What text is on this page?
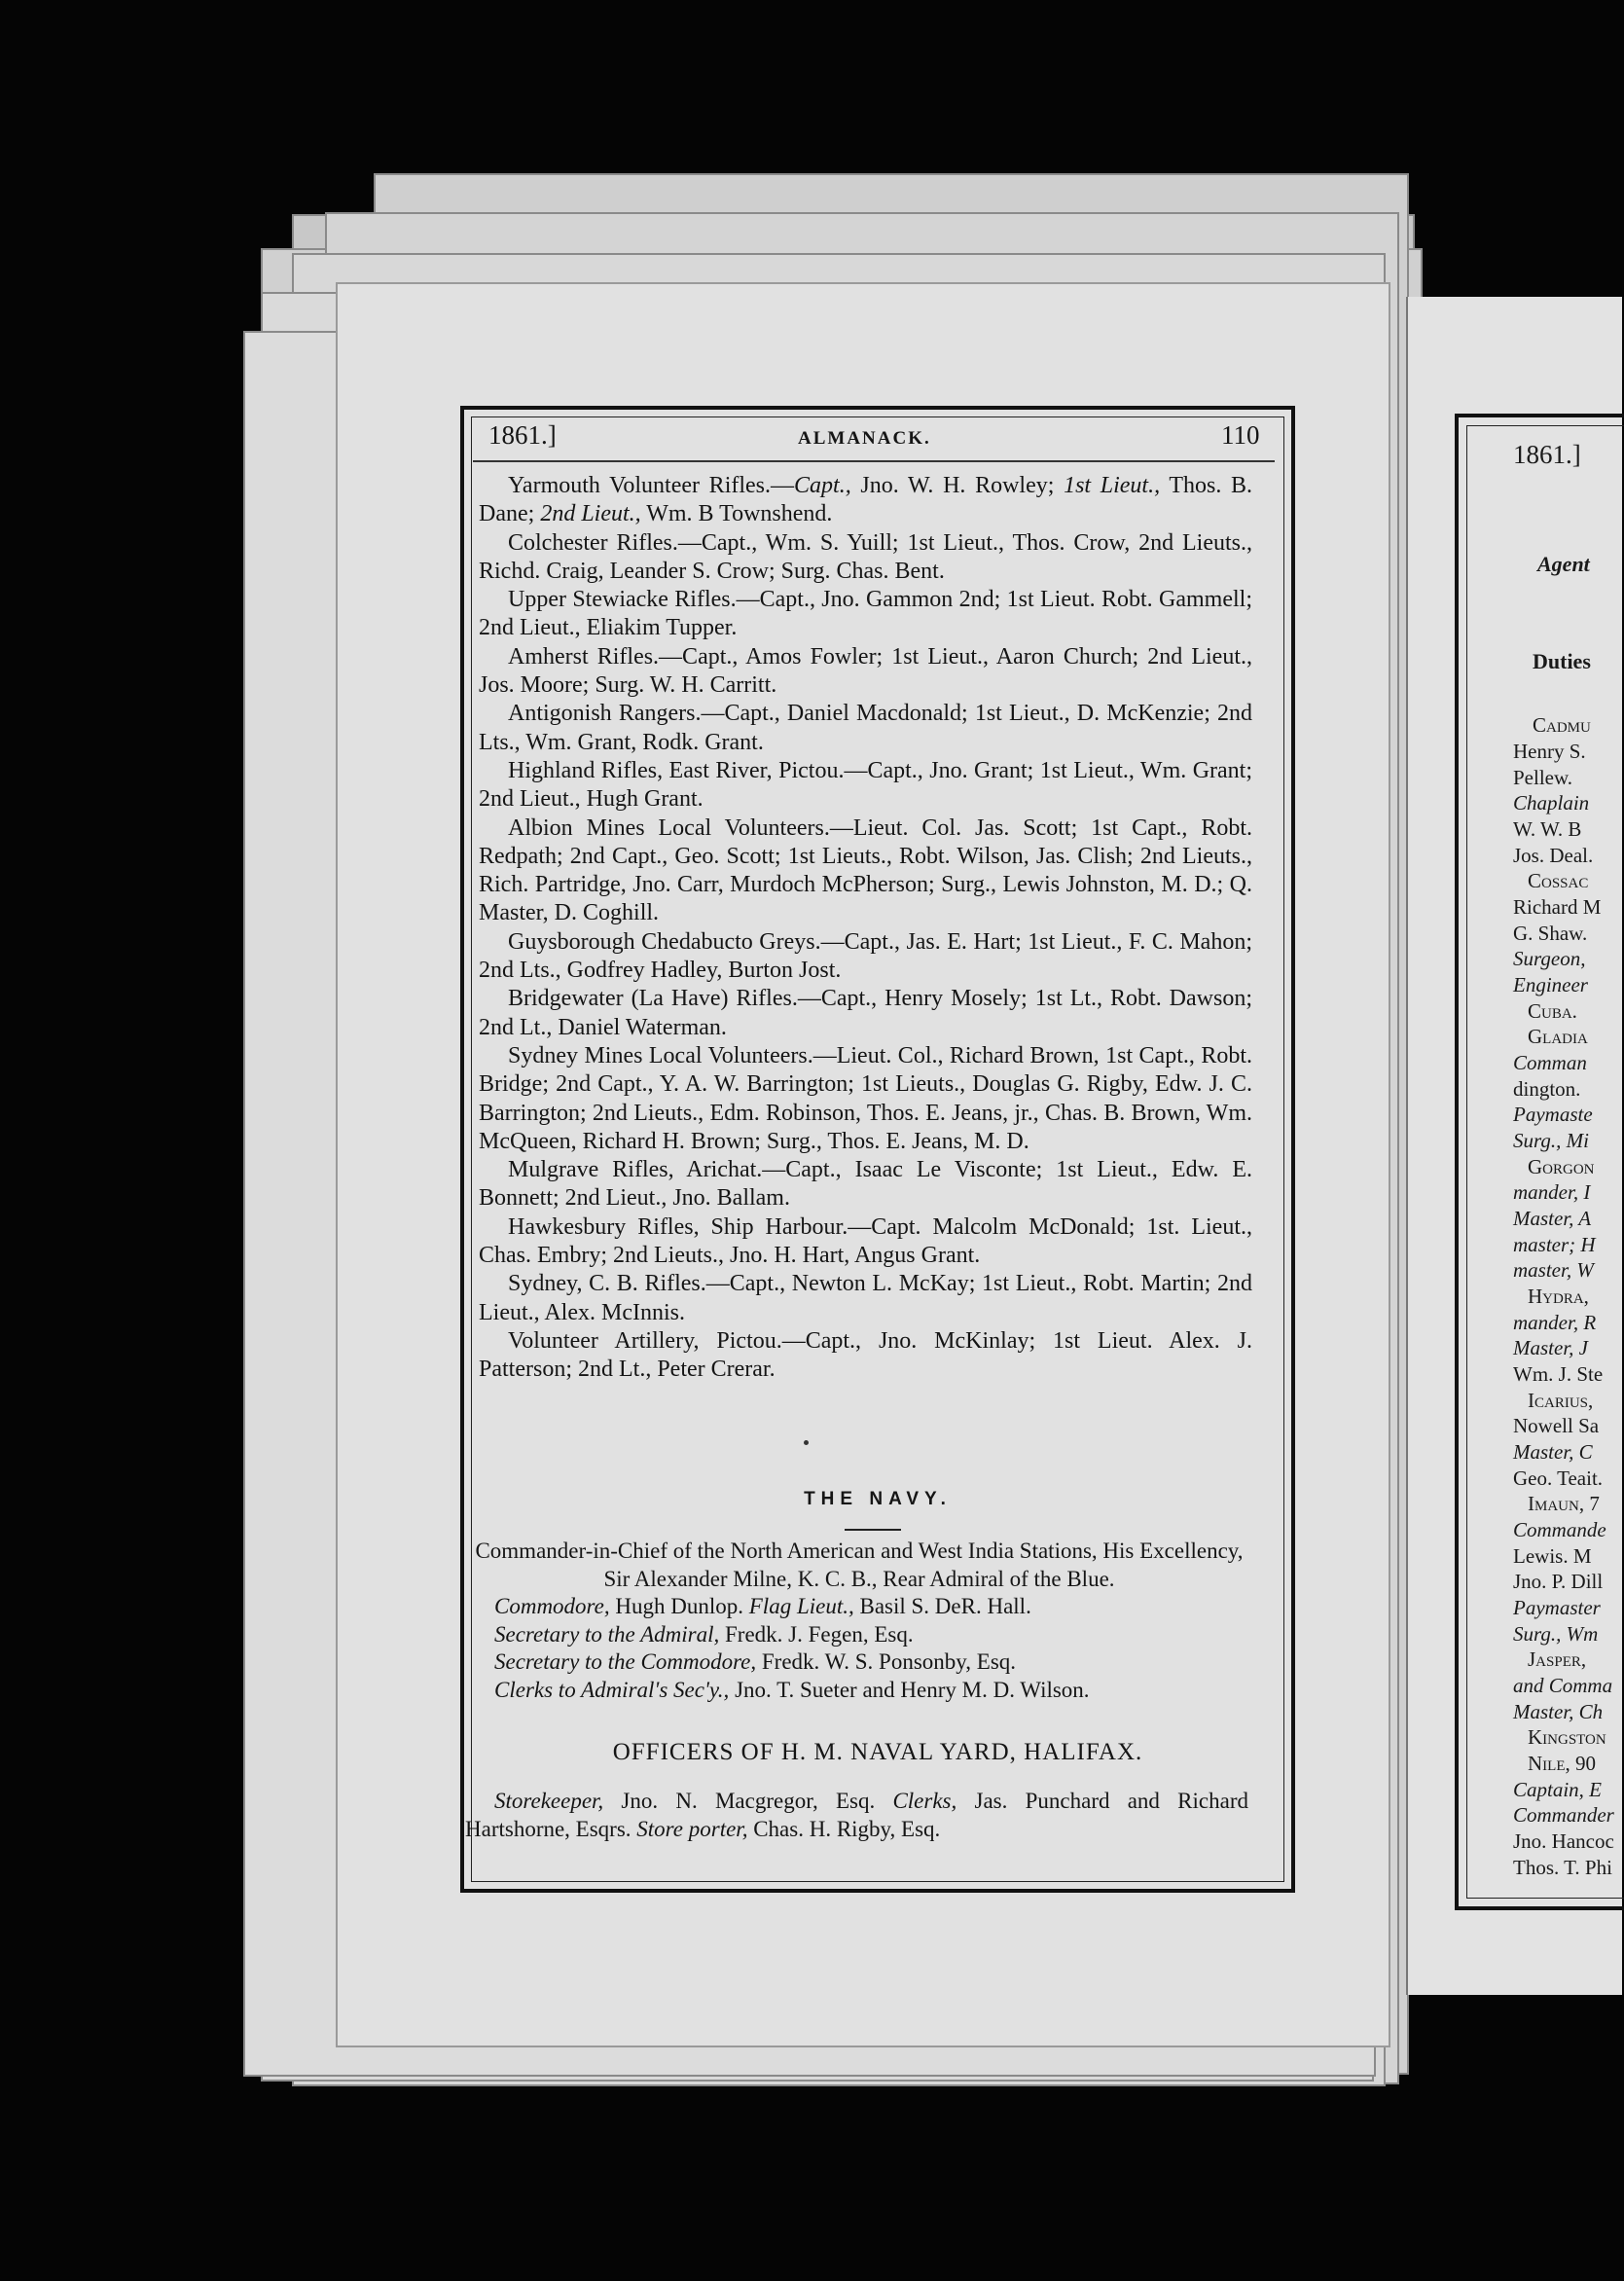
1861.]
Agent
Duties
Cadmu
Henry S.
Pellew.
Chaplain
W. W. B
Jos. Deal.
Cossac
Richard M
G. Shaw.
Surgeon,
Engineer
Cuba.
Gladia
Comman
dington.
Paymaste
Surg., Mi
Gorgon
mander, I
Master, A
master; H
master, W
Hydra,
mander, R
Master, J
Wm. J. Ste
Icarius,
Nowell Sa
Master, C
Geo. Teait.
Imaun, 7
Commande
Lewis. M
Jno. P. Dill
Paymaster
Surg., Wm
Jasper,
and Comma
Master, Ch
Kingston
Nile, 90
Captain, E
Commander
Jno. Hancoc
Thos. T. Phi
1861.]	ALMANACK.	110

Yarmouth Volunteer Rifles.—Capt., Jno. W. H. Rowley; 1st Lieut., Thos. B. Dane; 2nd Lieut., Wm. B Townshend.

Colchester Rifles.—Capt., Wm. S. Yuill; 1st Lieut., Thos. Crow, 2nd Lieuts., Richd. Craig, Leander S. Crow; Surg. Chas. Bent.

Upper Stewiacke Rifles.—Capt., Jno. Gammon 2nd; 1st Lieut. Robt. Gammell; 2nd Lieut., Eliakim Tupper.

Amherst Rifles.—Capt., Amos Fowler; 1st Lieut., Aaron Church; 2nd Lieut., Jos. Moore; Surg. W. H. Carritt.

Antigonish Rangers.—Capt., Daniel Macdonald; 1st Lieut., D. McKenzie; 2nd Lts., Wm. Grant, Rodk. Grant.

Highland Rifles, East River, Pictou.—Capt., Jno. Grant; 1st Lieut., Wm. Grant; 2nd Lieut., Hugh Grant.

Albion Mines Local Volunteers.—Lieut. Col. Jas. Scott; 1st Capt., Robt. Redpath; 2nd Capt., Geo. Scott; 1st Lieuts., Robt. Wilson, Jas. Clish; 2nd Lieuts., Rich. Partridge, Jno. Carr, Murdoch McPherson; Surg., Lewis Johnston, M. D.; Q. Master, D. Coghill.

Guysborough Chedabucto Greys.—Capt., Jas. E. Hart; 1st Lieut., F. C. Mahon; 2nd Lts., Godfrey Hadley, Burton Jost.

Bridgewater (La Have) Rifles.—Capt., Henry Mosely; 1st Lt., Robt. Dawson; 2nd Lt., Daniel Waterman.

Sydney Mines Local Volunteers.—Lieut. Col., Richard Brown, 1st Capt., Robt. Bridge; 2nd Capt., Y. A. W. Barrington; 1st Lieuts., Douglas G. Rigby, Edw. J. C. Barrington; 2nd Lieuts., Edm. Robinson, Thos. E. Jeans, jr., Chas. B. Brown, Wm. McQueen, Richard H. Brown; Surg., Thos. E. Jeans, M. D.

Mulgrave Rifles, Arichat.—Capt., Isaac Le Visconte; 1st Lieut., Edw. E. Bonnett; 2nd Lieut., Jno. Ballam.

Hawkesbury Rifles, Ship Harbour.—Capt. Malcolm McDonald; 1st. Lieut., Chas. Embry; 2nd Lieuts., Jno. H. Hart, Angus Grant.

Sydney, C. B. Rifles.—Capt., Newton L. McKay; 1st Lieut., Robt. Martin; 2nd Lieut., Alex. McInnis.

Volunteer Artillery, Pictou.—Capt., Jno. McKinlay; 1st Lieut. Alex. J. Patterson; 2nd Lt., Peter Crerar.

THE NAVY.

Commander-in-Chief of the North American and West India Stations, His Excellency, Sir Alexander Milne, K. C. B., Rear Admiral of the Blue.

Commodore, Hugh Dunlop. Flag Lieut., Basil S. DeR. Hall.

Secretary to the Admiral, Fredk. J. Fegen, Esq.

Secretary to the Commodore, Fredk. W. S. Ponsonby, Esq.

Clerks to Admiral's Sec'y., Jno. T. Sueter and Henry M. D. Wilson.

OFFICERS OF H. M. NAVAL YARD, HALIFAX.

Storekeeper, Jno. N. Macgregor, Esq. Clerks, Jas. Punchard and Richard Hartshorne, Esqrs. Store porter, Chas. H. Rigby, Esq.
